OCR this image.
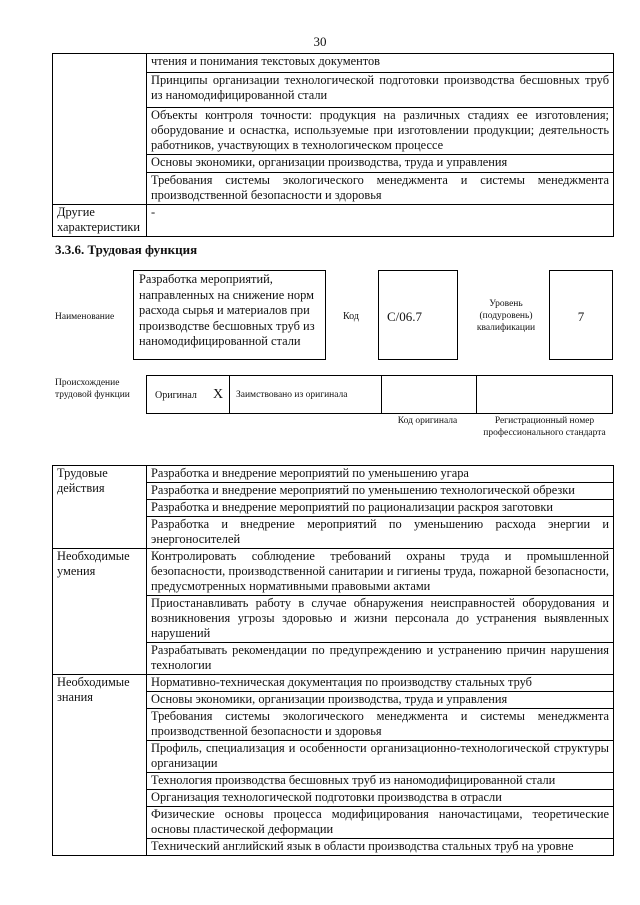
30
	чтения и понимания текстовых документов
	Принципы организации технологической подготовки производства бесшовных труб из наномодифицированной стали
	Объекты контроля точности: продукция на различных стадиях ее изготовления; оборудование и оснастка, используемые при изготовлении продукции; деятельность работников, участвующих в технологическом процессе
	Основы экономики, организации производства, труда и управления
	Требования системы экологического менеджмента и системы менеджмента производственной безопасности и здоровья
Другие характеристики	-
3.3.6. Трудовая функция
Наименование
Разработка мероприятий, направленных на снижение норм расхода сырья и материалов при производстве бесшовных труб из наномодифицированной стали
Код	C/06.7
Уровень (подуровень) квалификации
7
Происхождение трудовой функции	Оригинал X	Заимствовано из оригинала
Код оригинала	Регистрационный номер профессионального стандарта
Трудовые действия	Разработка и внедрение мероприятий по уменьшению угара
	Разработка и внедрение мероприятий по уменьшению технологической обрезки
	Разработка и внедрение мероприятий по рационализации раскроя заготовки
	Разработка и внедрение мероприятий по уменьшению расхода энергии и энергоносителей
Необходимые умения	Контролировать соблюдение требований охраны труда и промышленной безопасности, производственной санитарии и гигиены труда, пожарной безопасности, предусмотренных нормативными правовыми актами
	Приостанавливать работу в случае обнаружения неисправностей оборудования и возникновения угрозы здоровью и жизни персонала до устранения выявленных нарушений
	Разрабатывать рекомендации по предупреждению и устранению причин нарушения технологии
Необходимые знания	Нормативно-техническая документация по производству стальных труб
	Основы экономики, организации производства, труда и управления
	Требования системы экологического менеджмента и системы менеджмента производственной безопасности и здоровья
	Профиль, специализация и особенности организационно-технологической структуры организации
	Технология производства бесшовных труб из наномодифицированной стали
	Организация технологической подготовки производства в отрасли
	Физические основы процесса модифицирования наночастицами, теоретические основы пластической деформации
	Технический английский язык в области производства стальных труб на уровне
